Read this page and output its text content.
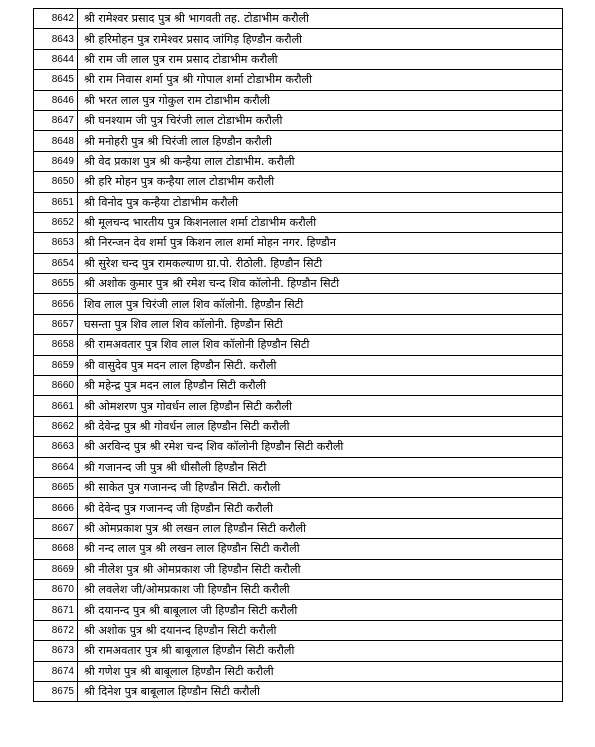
8642	श्री रामेश्वर प्रसाद पुत्र श्री भागवती तह. टोडाभीम करौली
8643	श्री हरिमोहन पुत्र रामेश्वर प्रसाद जांगिड़ हिण्डौन करौली
8644	श्री राम जी लाल पुत्र राम प्रसाद टोडाभीम करौली
8645	श्री राम निवास शर्मा पुत्र श्री गोपाल शर्मा टोडाभीम करौली
8646	श्री भरत लाल पुत्र गोकुल राम टोडाभीम करौली
8647	श्री घनश्याम जी पुत्र चिरंजी लाल टोडाभीम करौली
8648	श्री मनोहरी पुत्र श्री चिरंजी लाल हिण्डौन करौली
8649	श्री वेद प्रकाश पुत्र श्री कन्हैया लाल टोडाभीम. करौली
8650	श्री हरि मोहन पुत्र कन्हैया लाल टोडाभीम करौली
8651	श्री विनोद पुत्र कन्हैया टोडाभीम करौली
8652	श्री मूलचन्द भारतीय पुत्र किशनलाल शर्मा टोडाभीम करौली
8653	श्री निरन्जन देव शर्मा पुत्र किशन लाल शर्मा मोहन नगर. हिण्डौन
8654	श्री सुरेश चन्द पुत्र रामकल्याण ग्रा.पो. रीठोली. हिण्डौन सिटी
8655	श्री अशोक कुमार पुत्र श्री रमेश चन्द शिव कॉलोनी. हिण्डौन सिटी
8656	शिव लाल पुत्र चिरंजी लाल शिव कॉलोनी. हिण्डौन सिटी
8657	घसन्ता पुत्र शिव लाल शिव कॉलोनी. हिण्डौन सिटी
8658	श्री रामअवतार पुत्र शिव लाल शिव कॉलोनी हिण्डौन सिटी
8659	श्री वासुदेव पुत्र मदन लाल हिण्डौन सिटी. करौली
8660	श्री महेन्द्र पुत्र मदन लाल हिण्डौन सिटी करौली
8661	श्री ओमशरण पुत्र गोवर्धन लाल हिण्डौन सिटी करौली
8662	श्री देवेन्द्र पुत्र श्री गोवर्धन लाल हिण्डौन सिटी करौली
8663	श्री अरविन्द पुत्र श्री रमेश चन्द शिव कॉलोनी हिण्डौन सिटी करौली
8664	श्री गजानन्द जी पुत्र श्री धीसौली हिण्डौन सिटी
8665	श्री साकेत पुत्र गजानन्द जी हिण्डौन सिटी. करौली
8666	श्री देवेन्द पुत्र गजानन्द जी हिण्डौन सिटी करौली
8667	श्री ओमप्रकाश पुत्र श्री लखन लाल हिण्डौन सिटी करौली
8668	श्री नन्द लाल पुत्र श्री लखन लाल हिण्डौन सिटी करौली
8669	श्री नीलेश पुत्र श्री ओमप्रकाश जी हिण्डौन सिटी करौली
8670	श्री लवलेश जी/ओमप्रकाश जी हिण्डौन सिटी करौली
8671	श्री दयानन्द पुत्र श्री बाबूलाल जी हिण्डौन सिटी करौली
8672	श्री अशोक पुत्र श्री दयानन्द हिण्डौन सिटी करौली
8673	श्री रामअवतार पुत्र श्री बाबूलाल हिण्डौन सिटी करौली
8674	श्री गणेश पुत्र श्री बाबूलाल हिण्डौन सिटी करौली
8675	श्री दिनेश पुत्र बाबूलाल हिण्डौन सिटी करौली
